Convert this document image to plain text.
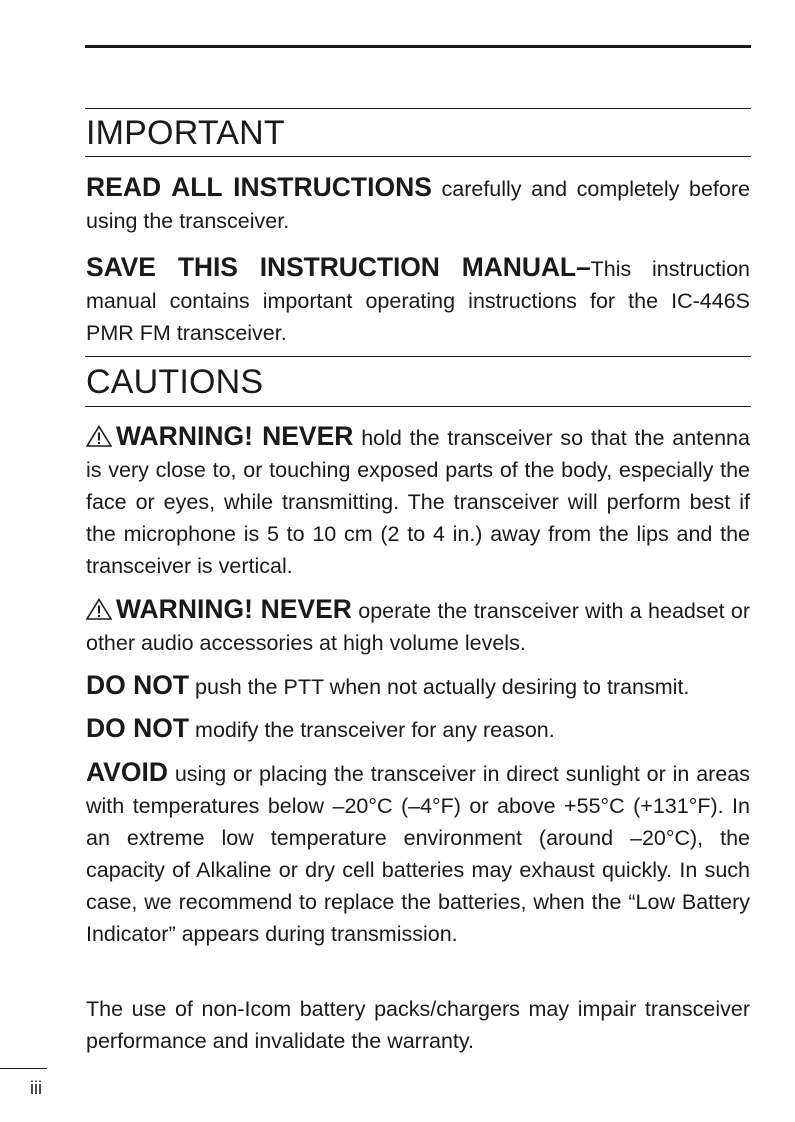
IMPORTANT

READ ALL INSTRUCTIONS carefully and completely before using the transceiver.

SAVE THIS INSTRUCTION MANUAL–This instruction manual contains important operating instructions for the IC-446S PMR FM transceiver.

CAUTIONS

WARNING! NEVER hold the transceiver so that the antenna is very close to, or touching exposed parts of the body, especially the face or eyes, while transmitting. The transceiver will perform best if the microphone is 5 to 10 cm (2 to 4 in.) away from the lips and the transceiver is vertical.

WARNING! NEVER operate the transceiver with a headset or other audio accessories at high volume levels.

DO NOT push the PTT when not actually desiring to transmit.

DO NOT modify the transceiver for any reason.

AVOID using or placing the transceiver in direct sunlight or in areas with temperatures below –20°C (–4°F) or above +55°C (+131°F). In an extreme low temperature environment (around –20°C), the capacity of Alkaline or dry cell batteries may exhaust quickly. In such case, we recommend to replace the batteries, when the “Low Battery Indicator” appears during transmission.

The use of non-Icom battery packs/chargers may impair transceiver performance and invalidate the warranty.

iii
